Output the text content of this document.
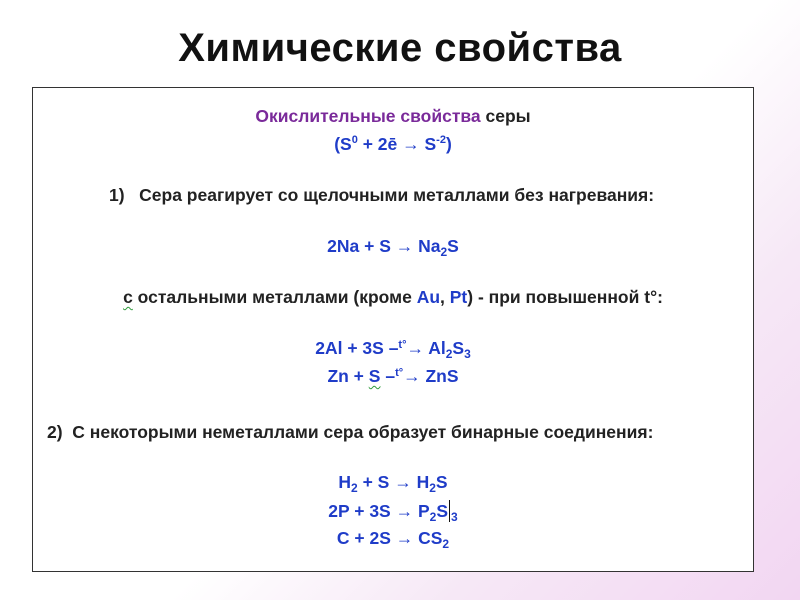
Химические свойства
Окислительные свойства серы
($S^0$ + 2ē → $S^{-2}$)
1) Сера реагирует со щелочными металлами без нагревания:
$2Na + S \to Na_2S$
с остальными металлами (кроме Au, Pt) - при повышенной t°:
2Al + 3S $-^{t^\circ}\to Al_2S_3$
Zn + S –$^{t^\circ}$→ ZnS
2) С некоторыми неметаллами сера образует бинарные соединения:
$H_2 + S \to H_2S$
$2P + 3S \to P_2S$ $_3$
$C + 2S \to CS_2$
